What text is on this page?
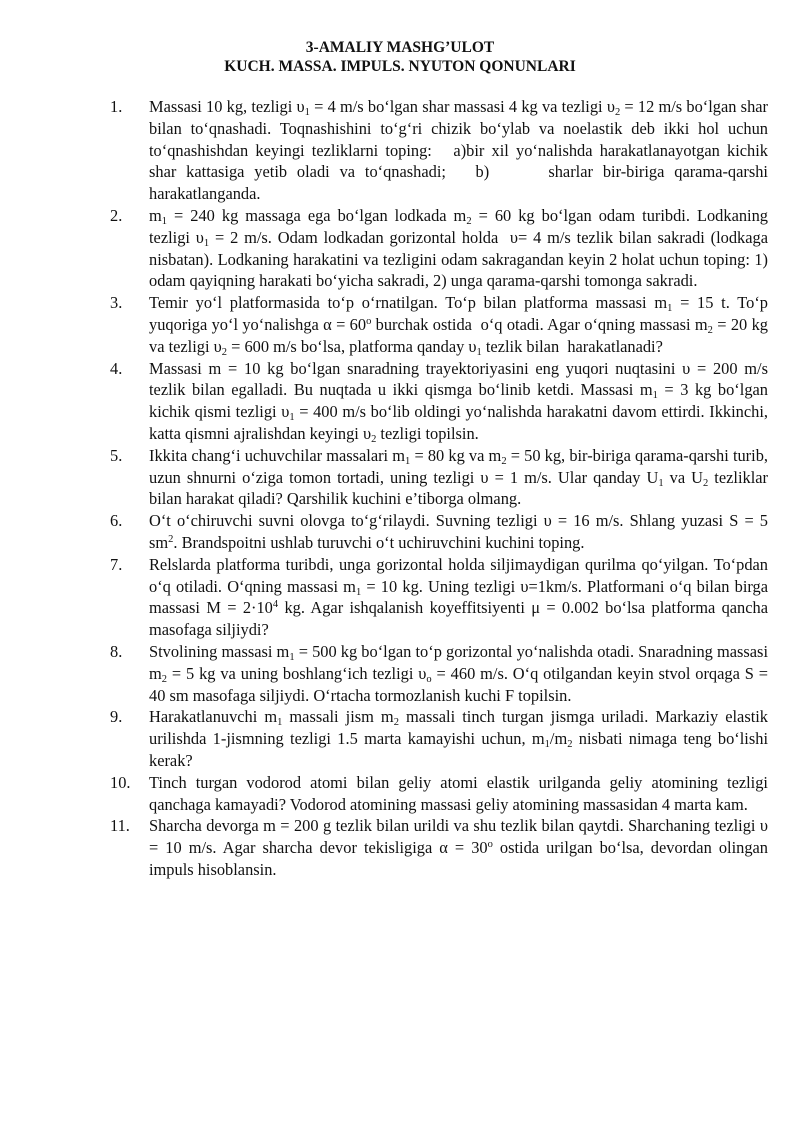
3-AMALIY MASHG’ULOT
KUCH. MASSA. IMPULS. NYUTON QONUNLARI
1.	Massasi 10 kg, tezligi $\upsilon_1 = 4$ m/s bo‘lgan shar massasi 4 kg va tezligi $\upsilon_2 = 12$ m/s bo‘lgan shar bilan to‘qnashadi. Toqnashishini to‘g‘ri chizik bo‘ylab va noelastik deb ikki hol uchun to‘qnashishdan keyingi tezliklarni toping:   a)bir xil yo‘nalishda harakatlanayotgan kichik shar kattasiga yetib oladi va to‘qnashadi;   b)      sharlar bir-biriga qarama-qarshi harakatlanganda.
2.	$m_1 = 240$ kg massaga ega bo‘lgan lodkada $m_2 = 60$ kg bo‘lgan odam turibdi. Lodkaning tezligi $\upsilon_1 = 2$ m/s. Odam lodkadan gorizontal holda  υ= 4 m/s tezlik bilan sakradi (lodkaga nisbatan). Lodkaning harakatini va tezligini odam sakragandan keyin 2 holat uchun toping: 1) odam qayiqning harakati bo‘yicha sakradi, 2) unga qarama-qarshi tomonga sakradi.
3.	Temir yo‘l platformasida to‘p o‘rnatilgan. To‘p bilan platforma massasi $m_1 = 15$ t. To‘p yuqoriga yo‘l yo‘nalishga $\alpha = 60^o$ burchak ostida  o‘q otadi. Agar o‘qning massasi $m_2 = 20$ kg va tezligi $\upsilon_2 = 600$ m/s bo‘lsa, platforma qanday $\upsilon_1$ tezlik bilan  harakatlanadi?
4.	Massasi m = 10 kg bo‘lgan snaradning trayektoriyasini eng yuqori nuqtasini υ = 200 m/s tezlik bilan egalladi. Bu nuqtada u ikki qismga bo‘linib ketdi. Massasi $m_1 = 3$ kg bo‘lgan kichik qismi tezligi $\upsilon_1 = 400$ m/s bo‘lib oldingi yo‘nalishda harakatni davom ettirdi. Ikkinchi, katta qismni ajralishdan keyingi $\upsilon_2$ tezligi topilsin.
5.	Ikkita chang‘i uchuvchilar massalari $m_1 = 80$ kg va $m_2 = 50$ kg, bir-biriga qarama-qarshi turib, uzun shnurni o‘ziga tomon tortadi, uning tezligi υ = 1 m/s. Ular qanday $U_1$ va $U_2$ tezliklar bilan harakat qiladi? Qarshilik kuchini e’tiborga olmang.
6.	O‘t o‘chiruvchi suvni olovga to‘g‘rilaydi. Suvning tezligi υ = 16 m/s. Shlang yuzasi S = 5 $sm^2$. Brandspoitni ushlab turuvchi o‘t uchiruvchini kuchini toping.
7.	Relslarda platforma turibdi, unga gorizontal holda siljimaydigan qurilma qo‘yilgan. To‘pdan o‘q otiladi. O‘qning massasi $m_1 = 10$ kg. Uning tezligi υ=1km/s. Platformani o‘q bilan birga massasi $M = 2\cdot 10^4$ kg. Agar ishqalanish koyeffitsiyenti μ = 0.002 bo‘lsa platforma qancha masofaga siljiydi?
8.	Stvolining massasi $m_1 = 500$ kg bo‘lgan to‘p gorizontal yo‘nalishda otadi. Snaradning massasi $m_2 = 5$ kg va uning boshlang‘ich tezligi $\upsilon_o = 460$ m/s. O‘q otilgandan keyin stvol orqaga S = 40 sm masofaga siljiydi. O‘rtacha tormozlanish kuchi F topilsin.
9.	Harakatlanuvchi $m_1$ massali jism $m_2$ massali tinch turgan jismga uriladi. Markaziy elastik urilishda 1-jismning tezligi 1.5 marta kamayishi uchun, $m_1/m_2$ nisbati nimaga teng bo‘lishi kerak?
10.	Tinch turgan vodorod atomi bilan geliy atomi elastik urilganda geliy atomining tezligi qanchaga kamayadi? Vodorod atomining massasi geliy atomining massasidan 4 marta kam.
11.	Sharcha devorga m = 200 g tezlik bilan urildi va shu tezlik bilan qaytdi. Sharchaning tezligi υ = 10 m/s. Agar sharcha devor tekisligiga $\alpha = 30^o$ ostida urilgan bo‘lsa, devordan olingan impuls hisoblansin.
